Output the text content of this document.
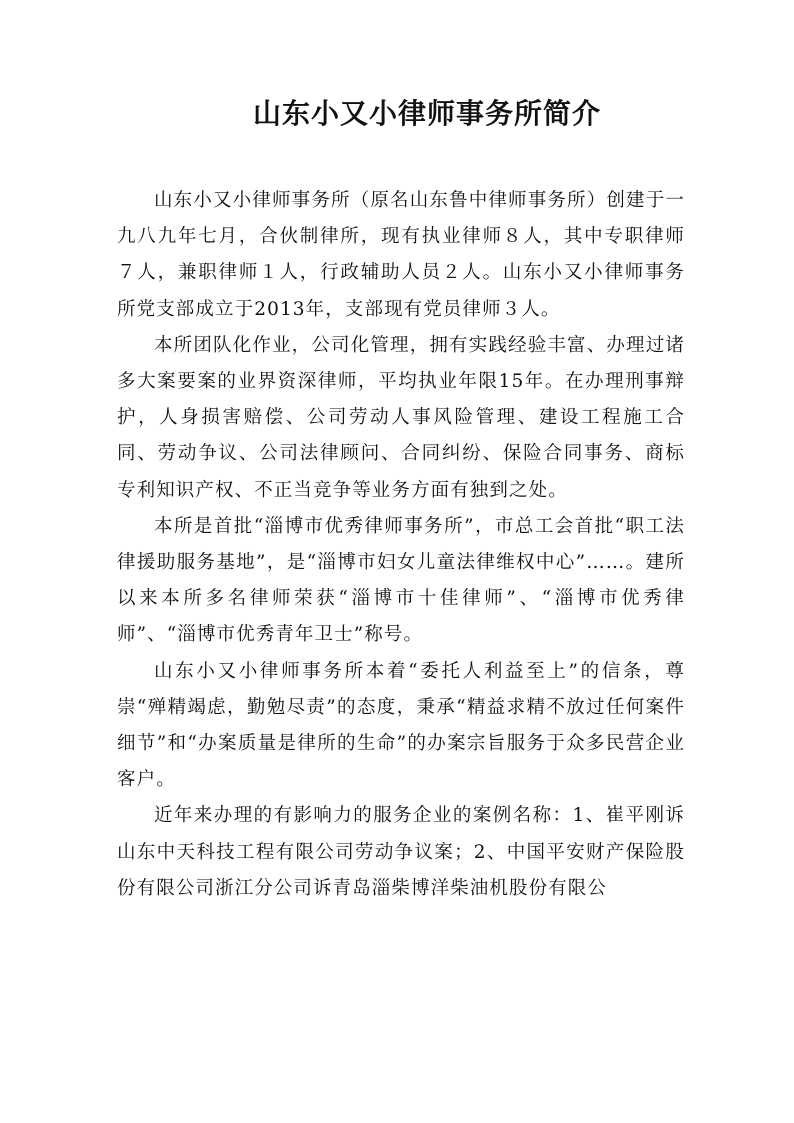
山东小又小律师事务所简介

山东小又小律师事务所（原名山东鲁中律师事务所）创建于一九八九年七月，合伙制律所，现有执业律师８人，其中专职律师７人，兼职律师１人，行政辅助人员２人。山东小又小律师事务所党支部成立于2013年，支部现有党员律师３人。

本所团队化作业，公司化管理，拥有实践经验丰富、办理过诸多大案要案的业界资深律师，平均执业年限15年。在办理刑事辩护，人身损害赔偿、公司劳动人事风险管理、建设工程施工合同、劳动争议、公司法律顾问、合同纠纷、保险合同事务、商标专利知识产权、不正当竞争等业务方面有独到之处。

本所是首批“淄博市优秀律师事务所”，市总工会首批“职工法律援助服务基地”，是“淄博市妇女儿童法律维权中心”……。建所以来本所多名律师荣获“淄博市十佳律师”、“淄博市优秀律师”、“淄博市优秀青年卫士”称号。

山东小又小律师事务所本着“委托人利益至上”的信条，尊崇“殚精竭虑，勤勉尽责”的态度，秉承“精益求精不放过任何案件细节”和“办案质量是律所的生命”的办案宗旨服务于众多民营企业客户。

近年来办理的有影响力的服务企业的案例名称：1、崔平刚诉山东中天科技工程有限公司劳动争议案；2、中国平安财产保险股份有限公司浙江分公司诉青岛淄柴博洋柴油机股份有限公
